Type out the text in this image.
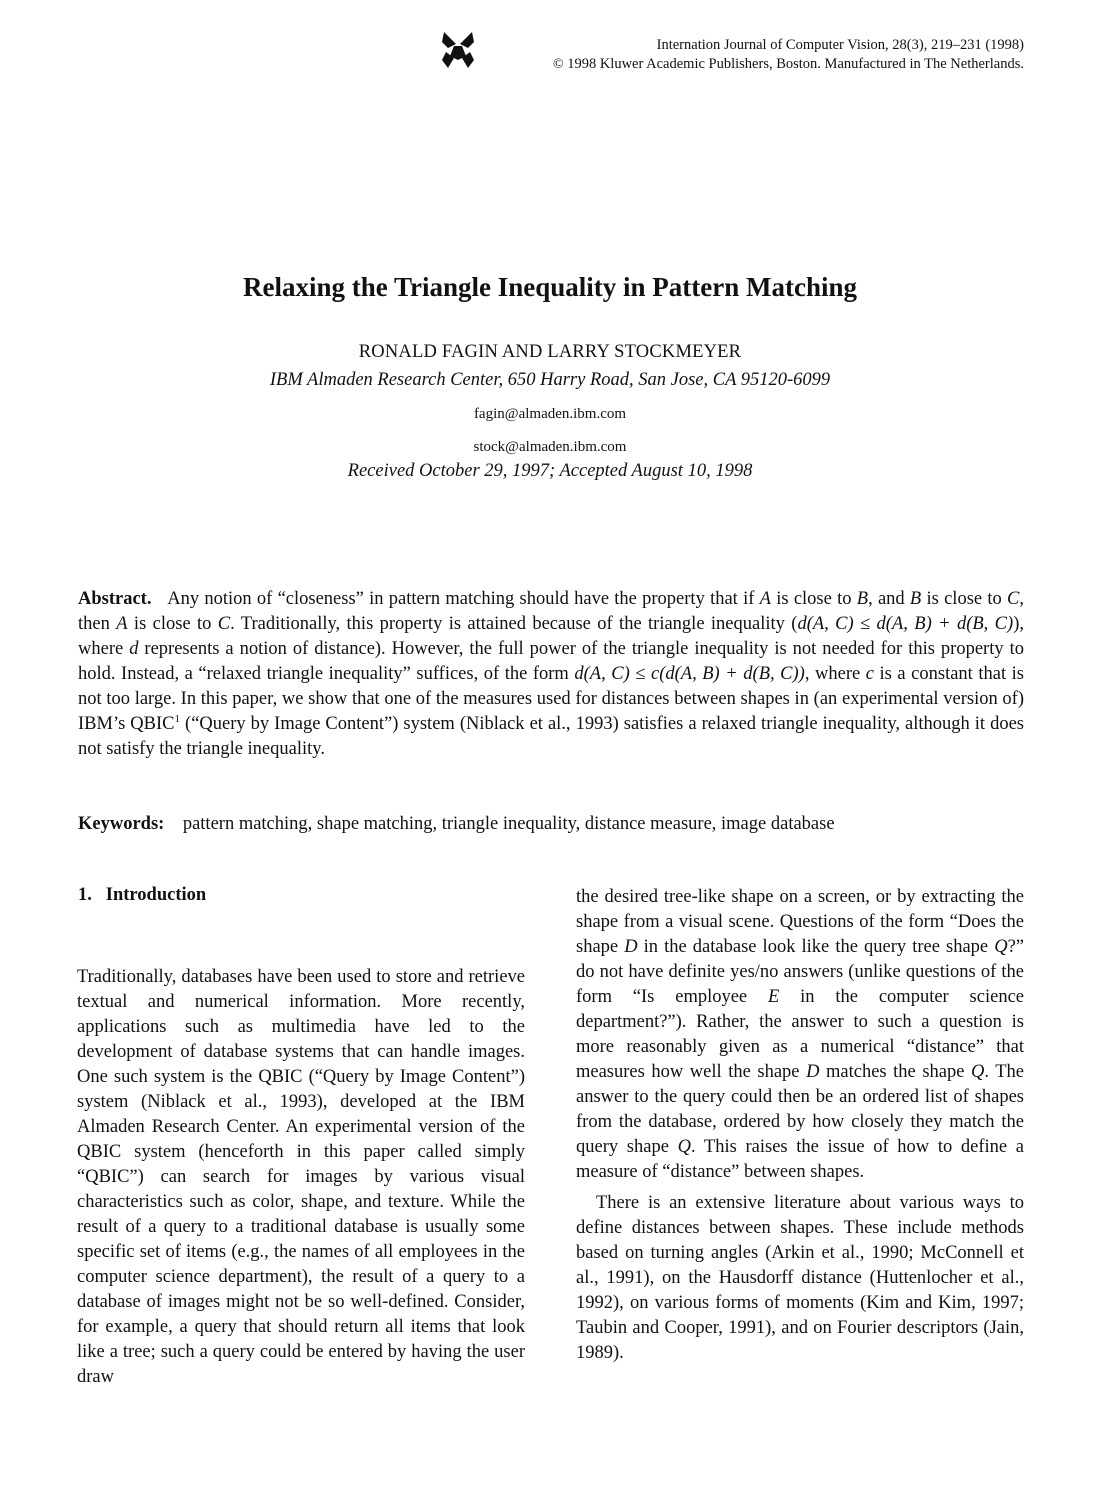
Internation Journal of Computer Vision, 28(3), 219–231 (1998)
© 1998 Kluwer Academic Publishers, Boston. Manufactured in The Netherlands.
Relaxing the Triangle Inequality in Pattern Matching
RONALD FAGIN AND LARRY STOCKMEYER
IBM Almaden Research Center, 650 Harry Road, San Jose, CA 95120-6099
fagin@almaden.ibm.com
stock@almaden.ibm.com
Received October 29, 1997; Accepted August 10, 1998

Abstract. Any notion of “closeness” in pattern matching should have the property that if A is close to B, and B is close to C, then A is close to C. Traditionally, this property is attained because of the triangle inequality (d(A, C) ≤ d(A, B) + d(B, C)), where d represents a notion of distance). However, the full power of the triangle inequality is not needed for this property to hold. Instead, a “relaxed triangle inequality” suffices, of the form d(A, C) ≤ c(d(A, B) + d(B, C)), where c is a constant that is not too large. In this paper, we show that one of the measures used for distances between shapes in (an experimental version of) IBM’s QBIC$^1$ (“Query by Image Content”) system (Niblack et al., 1993) satisfies a relaxed triangle inequality, although it does not satisfy the triangle inequality.

Keywords: pattern matching, shape matching, triangle inequality, distance measure, image database

1. Introduction

Traditionally, databases have been used to store and retrieve textual and numerical information. More recently, applications such as multimedia have led to the development of database systems that can handle images. One such system is the QBIC (“Query by Image Content”) system (Niblack et al., 1993), developed at the IBM Almaden Research Center. An experimental version of the QBIC system (henceforth in this paper called simply “QBIC”) can search for images by various visual characteristics such as color, shape, and texture. While the result of a query to a traditional database is usually some specific set of items (e.g., the names of all employees in the computer science department), the result of a query to a database of images might not be so well-defined. Consider, for example, a query that should return all items that look like a tree; such a query could be entered by having the user draw

the desired tree-like shape on a screen, or by extracting the shape from a visual scene. Questions of the form “Does the shape D in the database look like the query tree shape Q?” do not have definite yes/no answers (unlike questions of the form “Is employee E in the computer science department?”). Rather, the answer to such a question is more reasonably given as a numerical “distance” that measures how well the shape D matches the shape Q. The answer to the query could then be an ordered list of shapes from the database, ordered by how closely they match the query shape Q. This raises the issue of how to define a measure of “distance” between shapes.

There is an extensive literature about various ways to define distances between shapes. These include methods based on turning angles (Arkin et al., 1990; McConnell et al., 1991), on the Hausdorff distance (Huttenlocher et al., 1992), on various forms of moments (Kim and Kim, 1997; Taubin and Cooper, 1991), and on Fourier descriptors (Jain, 1989).
